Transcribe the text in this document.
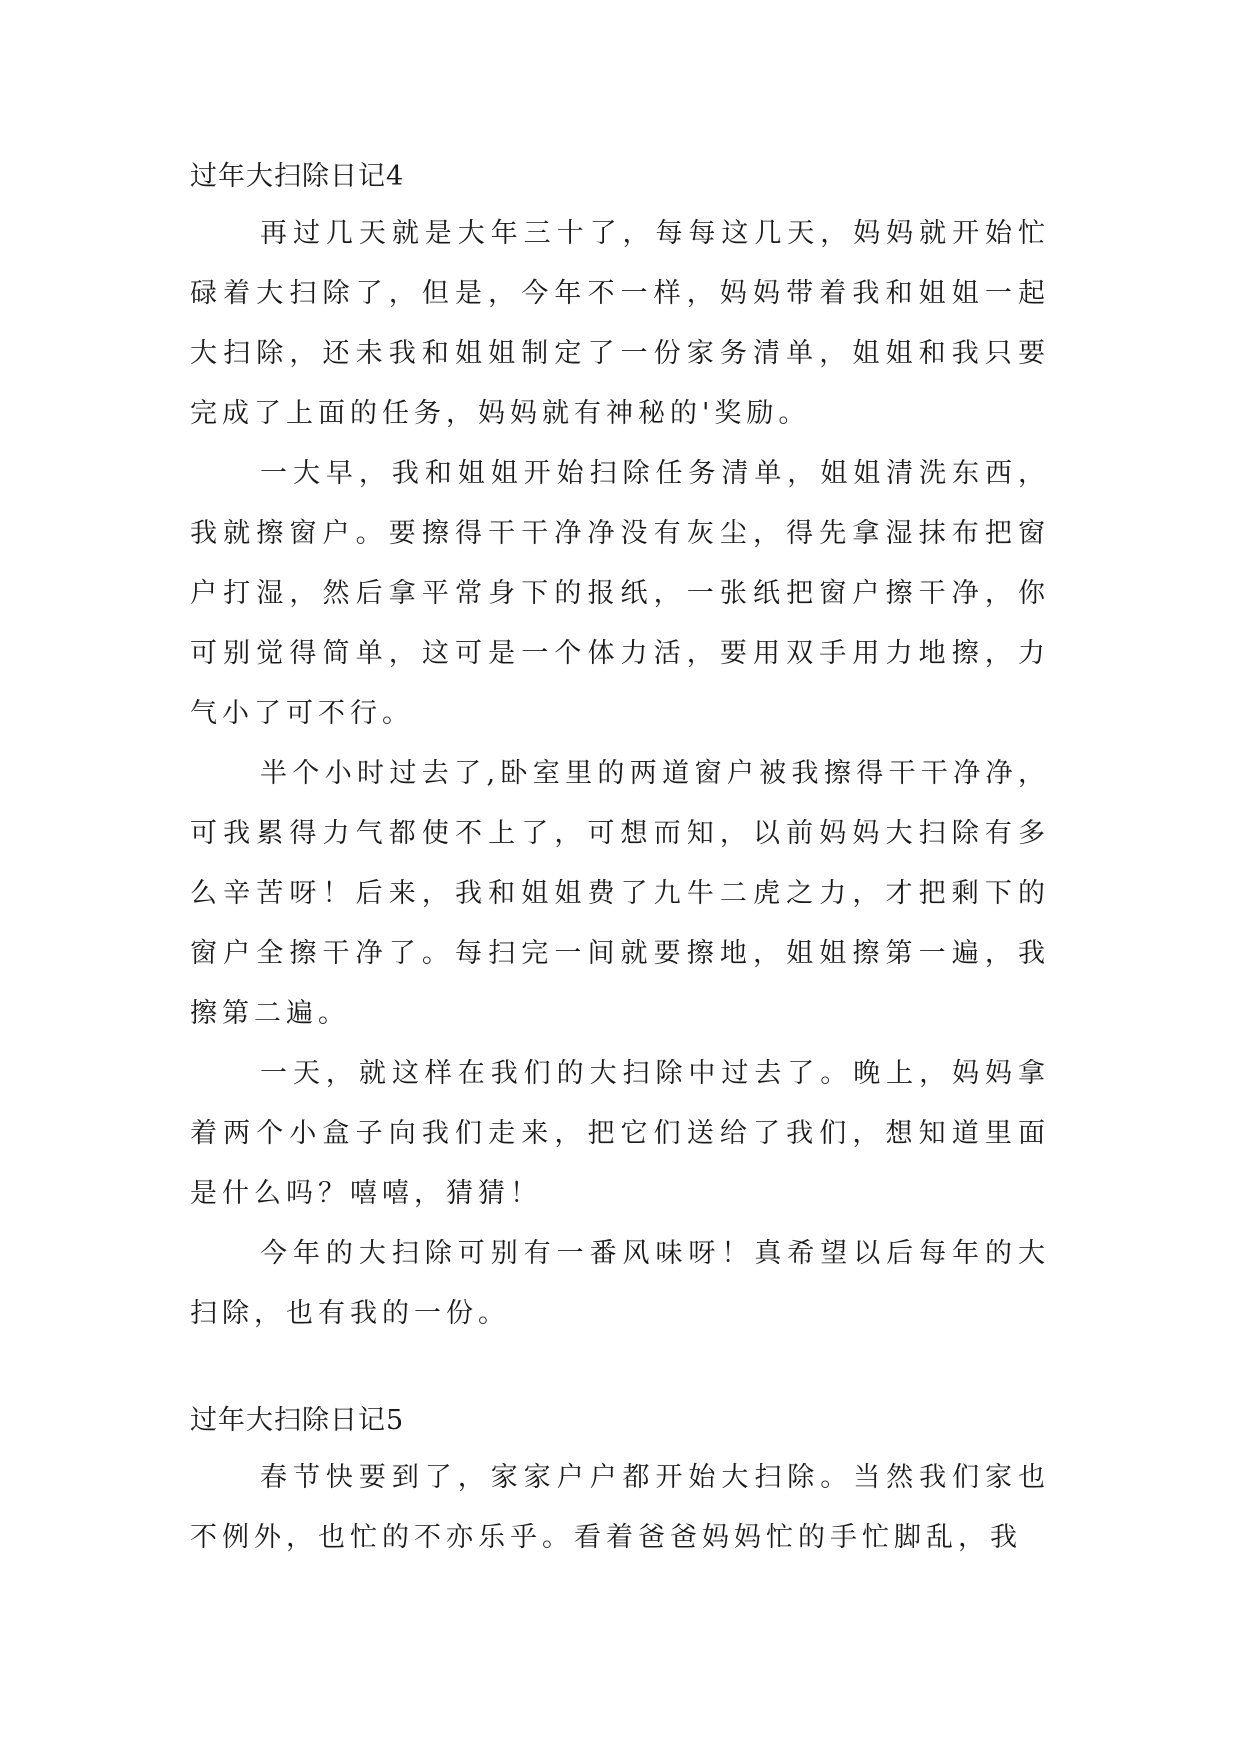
过年大扫除日记4

再过几天就是大年三十了，每每这几天，妈妈就开始忙碌着大扫除了，但是，今年不一样，妈妈带着我和姐姐一起大扫除，还未我和姐姐制定了一份家务清单，姐姐和我只要完成了上面的任务，妈妈就有神秘的'奖励。

一大早，我和姐姐开始扫除任务清单，姐姐清洗东西，我就擦窗户。要擦得干干净净没有灰尘，得先拿湿抹布把窗户打湿，然后拿平常身下的报纸，一张纸把窗户擦干净，你可别觉得简单，这可是一个体力活，要用双手用力地擦，力气小了可不行。

半个小时过去了,卧室里的两道窗户被我擦得干干净净，可我累得力气都使不上了，可想而知，以前妈妈大扫除有多么辛苦呀！后来，我和姐姐费了九牛二虎之力，才把剩下的窗户全擦干净了。每扫完一间就要擦地，姐姐擦第一遍，我擦第二遍。

一天，就这样在我们的大扫除中过去了。晚上，妈妈拿着两个小盒子向我们走来，把它们送给了我们，想知道里面是什么吗？嘻嘻，猜猜！

今年的大扫除可别有一番风味呀！真希望以后每年的大扫除，也有我的一份。

过年大扫除日记5

春节快要到了，家家户户都开始大扫除。当然我们家也不例外，也忙的不亦乐乎。看着爸爸妈妈忙的手忙脚乱，我
